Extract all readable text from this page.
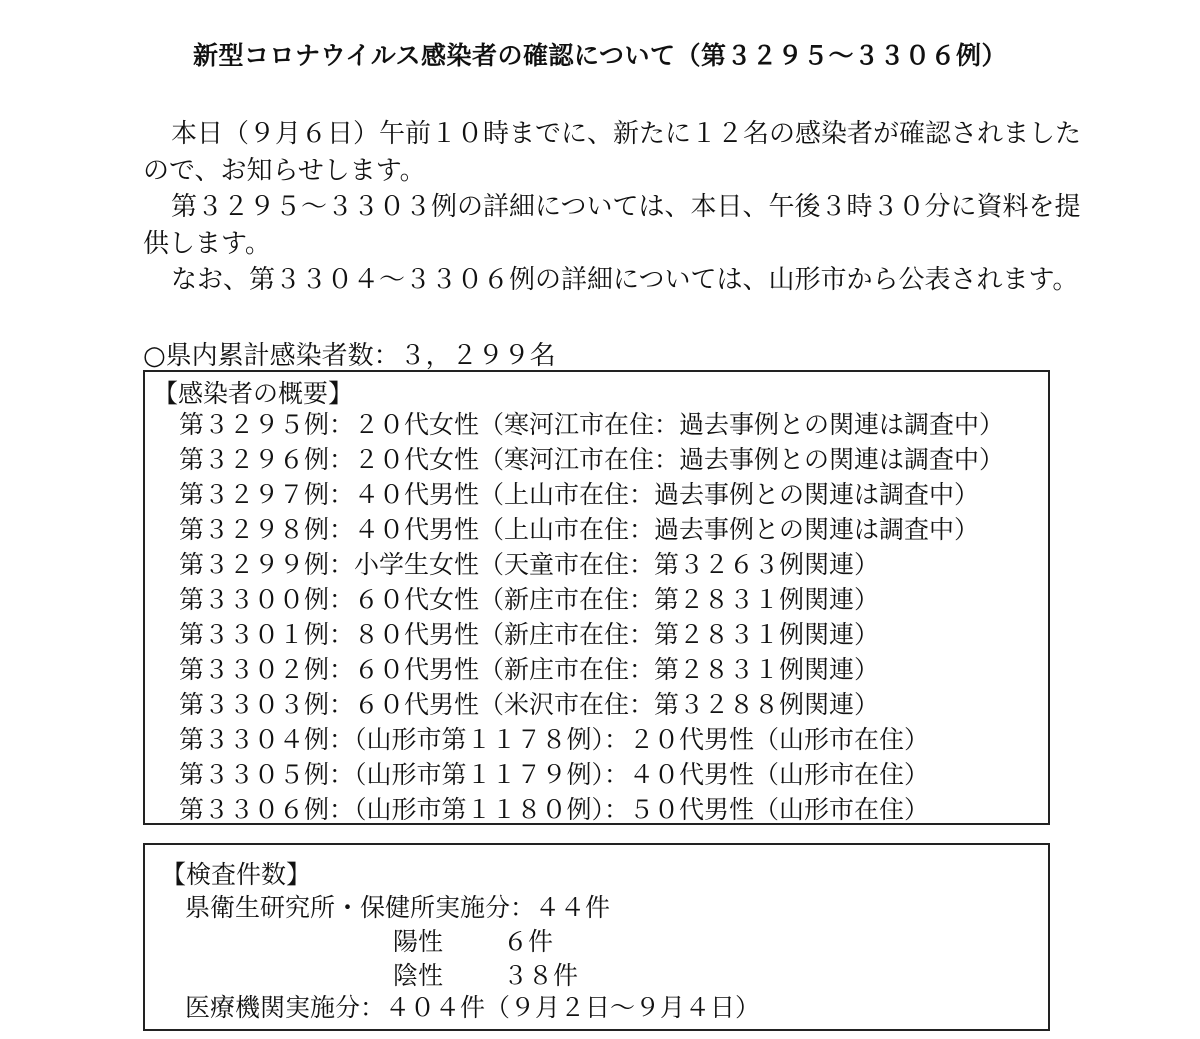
新型コロナウイルス感染者の確認について（第３２９５～３３０６例）

本日（９月６日）午前１０時までに、新たに１２名の感染者が確認されました

ので、お知らせします。

第３２９５～３３０３例の詳細については、本日、午後３時３０分に資料を提

供します。

なお、第３３０４～３３０６例の詳細については、山形市から公表されます。

○県内累計感染者数：３，２９９名
【感染者の概要】
第３２９５例：２０代女性（寒河江市在住：過去事例との関連は調査中）
第３２９６例：２０代女性（寒河江市在住：過去事例との関連は調査中）
第３２９７例：４０代男性（上山市在住：過去事例との関連は調査中）
第３２９８例：４０代男性（上山市在住：過去事例との関連は調査中）
第３２９９例：小学生女性（天童市在住：第３２６３例関連）
第３３００例：６０代女性（新庄市在住：第２８３１例関連）
第３３０１例：８０代男性（新庄市在住：第２８３１例関連）
第３３０２例：６０代男性（新庄市在住：第２８３１例関連）
第３３０３例：６０代男性（米沢市在住：第３２８８例関連）
第３３０４例：（山形市第１１７８例）：２０代男性（山形市在住）
第３３０５例：（山形市第１１７９例）：４０代男性（山形市在住）
第３３０６例：（山形市第１１８０例）：５０代男性（山形市在住）
【検査件数】
県衛生研究所・保健所実施分：４４件
陽性 ６件
陰性 ３８件
医療機関実施分：４０４件（９月２日～９月４日）
